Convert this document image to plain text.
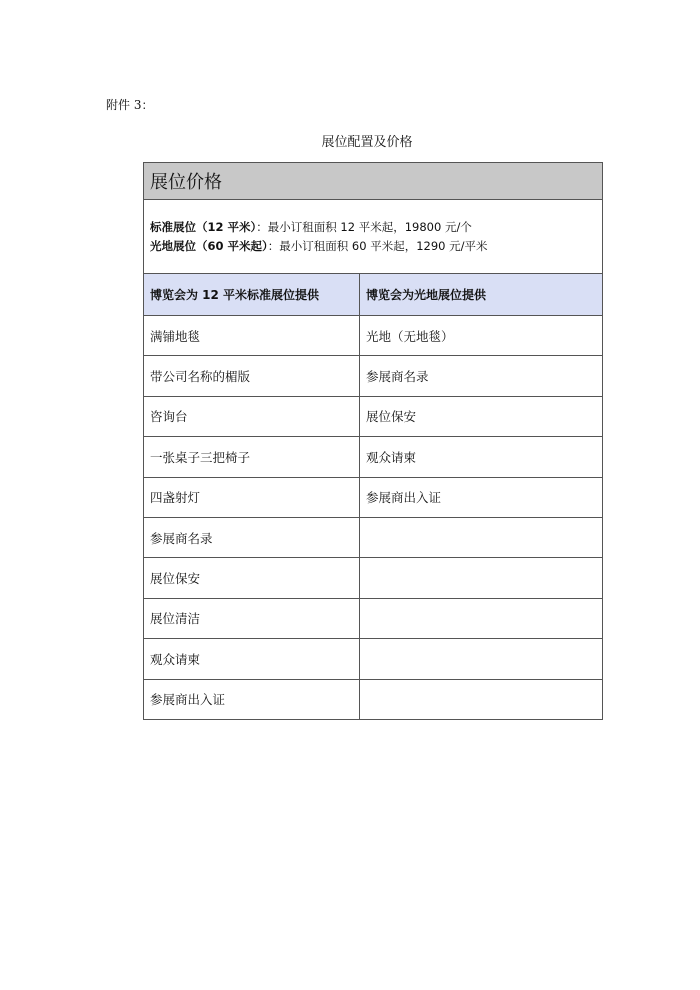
附件 3：
展位配置及价格
展位价格	

标准展位（12 平米）：最小订租面积 12 平米起，19800 元/个
光地展位（60 平米起）：最小订租面积 60 平米起，1290 元/平米	

博览会为 12 平米标准展位提供	博览会为光地展位提供
满铺地毯	光地（无地毯）
带公司名称的楣版	参展商名录
咨询台	展位保安
一张桌子三把椅子	观众请柬
四盏射灯	参展商出入证
参展商名录	
展位保安	
展位清洁	
观众请柬	
参展商出入证	
